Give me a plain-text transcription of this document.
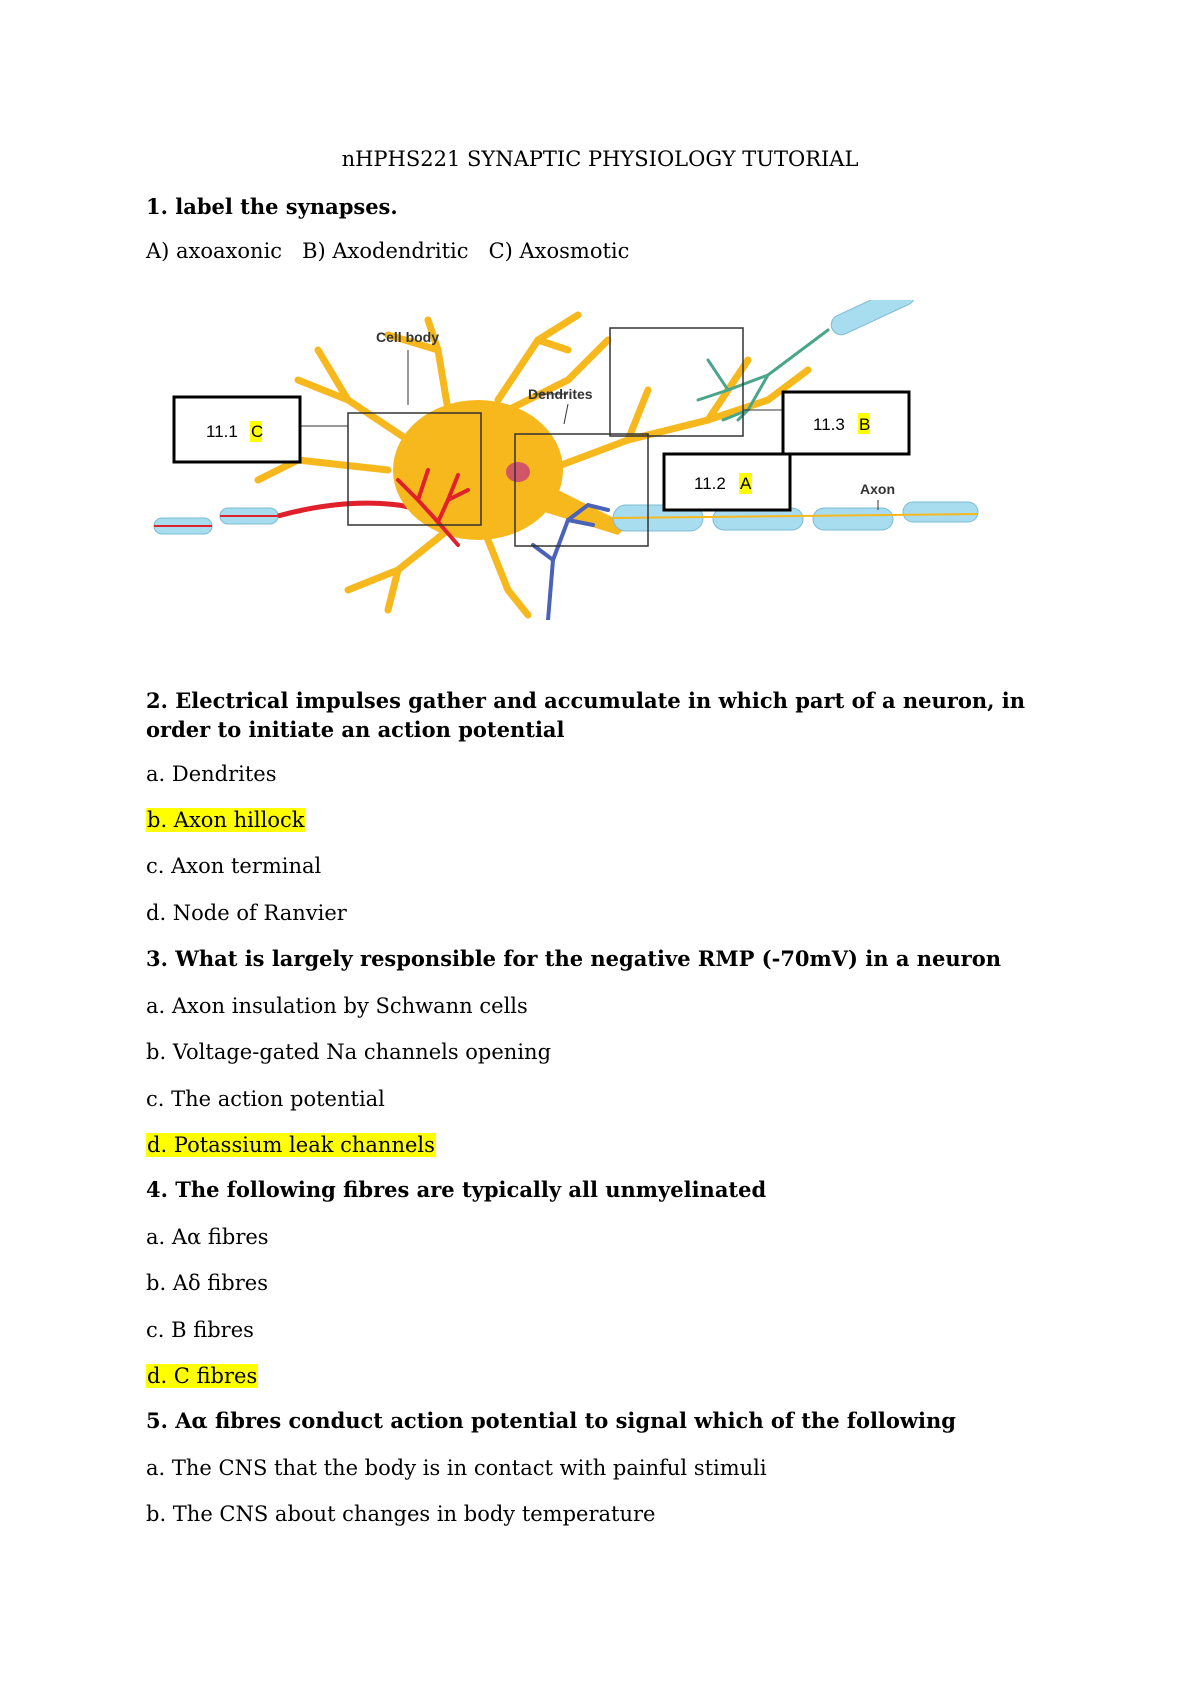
nHPHS221 SYNAPTIC PHYSIOLOGY TUTORIAL
1. label the synapses.
A) axoaxonic   B) Axodendritic   C) Axosmotic
Cell body
Dendrites
Axon
11.1 C
11.2 A
11.3 B
2. Electrical impulses gather and accumulate in which part of a neuron, in order to initiate an action potential
a. Dendrites
b. Axon hillock
c. Axon terminal
d. Node of Ranvier
3. What is largely responsible for the negative RMP (-70mV) in a neuron
a. Axon insulation by Schwann cells
b. Voltage-gated Na channels opening
c. The action potential
d. Potassium leak channels
4. The following fibres are typically all unmyelinated
a. Aα fibres
b. Aδ fibres
c. B fibres
d. C fibres
5. Aα fibres conduct action potential to signal which of the following
a. The CNS that the body is in contact with painful stimuli
b. The CNS about changes in body temperature
